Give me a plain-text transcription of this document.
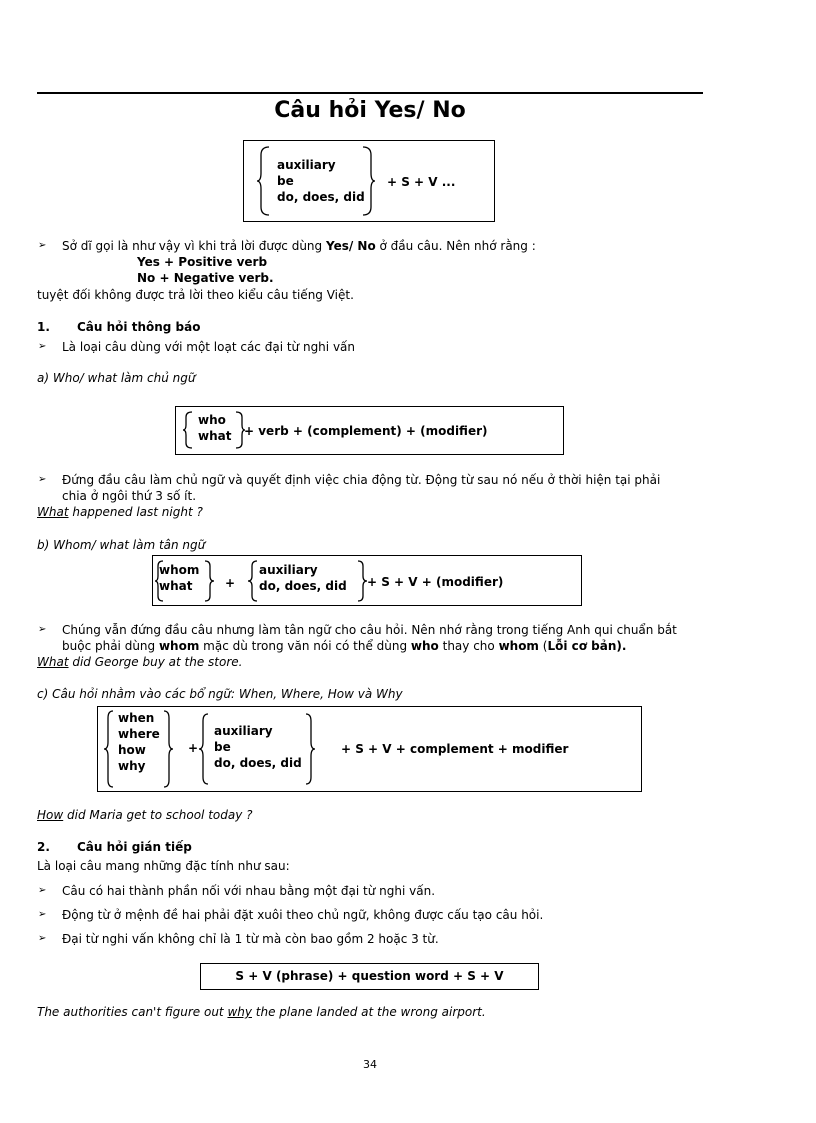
Câu hỏi Yes/ No
auxiliary
be
do, does, did
+ S + V ...
➢ Sở dĩ gọi là như vậy vì khi trả lời được dùng Yes/ No ở đầu câu. Nên nhớ rằng :
Yes + Positive verb
No + Negative verb.
tuyệt đối không được trả lời theo kiểu câu tiếng Việt.
1. Câu hỏi thông báo
➢ Là loại câu dùng với một loạt các đại từ nghi vấn
a) Who/ what làm chủ ngữ
who
what + verb + (complement) + (modifier)
➢ Đứng đầu câu làm chủ ngữ và quyết định việc chia động từ. Động từ sau nó nếu ở thời hiện tại phải
chia ở ngôi thứ 3 số ít.
What happened last night ?
b) Whom/ what làm tân ngữ
whom
what	+
auxiliary
do, does, did + S + V + (modifier)
➢ Chúng vẫn đứng đầu câu nhưng làm tân ngữ cho câu hỏi. Nên nhớ rằng trong tiếng Anh qui chuẩn bắt
buộc phải dùng whom mặc dù trong văn nói có thể dùng who thay cho whom (Lỗi cơ bản).
What did George buy at the store.
c) Câu hỏi nhằm vào các bổ ngữ: When, Where, How và Why
when
where
how
why
+
auxiliary
be
do, does, did
+ S + V + complement + modifier
How did Maria get to school today ?
2. Câu hỏi gián tiếp
Là loại câu mang những đặc tính như sau:
➢ Câu có hai thành phần nối với nhau bằng một đại từ nghi vấn.
➢ Động từ ở mệnh đề hai phải đặt xuôi theo chủ ngữ, không được cấu tạo câu hỏi.
➢ Đại từ nghi vấn không chỉ là 1 từ mà còn bao gồm 2 hoặc 3 từ.
S + V (phrase) + question word + S + V
The authorities can't figure out why the plane landed at the wrong airport.
34
